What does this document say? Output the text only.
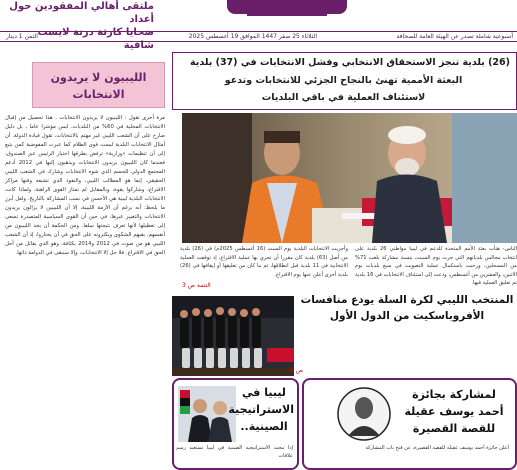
ملتقى أهالي المفقودين حول أعداد
ضحايا كارثة درنة لايست شافية
أسبوعية شاملة تصدر عن الهيئة العامة للصحافة
الثلاثاء 25 صفر 1447 الموافق 19 أغسطس 2025
الثمن 1 دينار
الليبيون لا يريدون
الانتخابات
مرة أخرى تقول : الليبيون لا يريدون الانتخابات ، هذا تحصيل من إقبال الانتخابات المحلية في 60% من البلديات، ليس مؤشرا عاما ، بل دليل صارخ على أن الشعب الليبي غير مهتم بالانتخابات، تقول قيادة الدولة. أن أمثال الانتخابات البلدية ليست قوى الظلام كما عبرت المفوضية كمن يتبع إلى أن تنظيمات «وزارية» ترفض بطرقها اختيار الرئيس عبر الصندوق، فعندما كان الليبيون يريدون الانتخابات ويذهبون إليها في 2012 أدعم المجتمع الدولي للجسم الذي شوه الانتخابات وشارك في الشعب الليبي الحقيقي. إنما هو المطالب الليبي، والنفوذ الذي تشبعه وقتها مراكز الاقتراع، وشاركوا يقوة، وبالمقابل لم تمتاز القوى الراهنة، ولماذا كانت الانتخابات البلدية ليبية هي الأحسن في نسب المشاركة بالتاريخ. ولعل أبرز ما يلحظ: أنه برغم أن الأزمة الليبية، إلا أن الليبيين لا يزالون يريدون الانتخابات والتغيير عبرها، في حين أن القوى السياسية المتصدرة تسعى إلى تعطيلها لأنها تعرف نتيجتها سلفا. ومن الحكمة أن يجد الليبيون من أنفسهم، يقيهم الشكوى ويكثرونه على الحق في أن يختاروا، إذ أن الشعب الليبي هو من صوت في 2012 و2014 بكثافة، وهو الذي يقاتل من أجل الحق في الاقتراع. فلا حل إلا الانتخابات، وإلا سنبقى في الدوامة ذاتها.
(26) بلدية تنجز الاستحقاق الانتخابي وفشل الانتخابات في (37) بلدية
البعثة الأممية تهنئ بالنجاح الجزئي للانتخابات وتدعو
لاستئناف العملية في باقي البلديات
الناس- هنأت بعثة الأمم المتحدة للدعم في ليبيا مواطني 26 بلدية على انتخاب مجالس بلدياتهم التي جرت يوم السبت، بنسبة مشاركة بلغت 71% من المسجلين، ورحبت باستكمال عملية التصويت في سبع بلديات يوم الاثنين، والعشرين من أغسطس، ودعت إلى استئناف الانتخابات في 16 بلدية تم تعليق العملية فيها.
وأجريت الانتخابات البلدية يوم السبت (16 أغسطس 2025م) في (26) بلدية من أصل (63) بلدية كان مقررا أن تجري بها عملية الاقتراع، إذ توقفت العملية الانتخابية في 11 بلدية قبل انطلاقها، ثم ما كان من تعليقها أو إيقافها في (26) بلدية أخرى أعلن عنها يوم الاقتراع.
التتمة ص 3
المنتخب الليبي لكرة السلة يودع منافسات الأفروباسكيت من الدول الأول
ص 8
ليبيا في الاستراتيجية الصينية..
إذا تبحث الاستراتيجية الصينية في ليبيا تستعيد رسم علاقات
لمشاركة بجائزة أحمد يوسف عقيلة للقصة القصيرة
أعلن جائزة أحمد يوسف عقيلة للقصة القصيرة، عن فتح باب المشاركة
